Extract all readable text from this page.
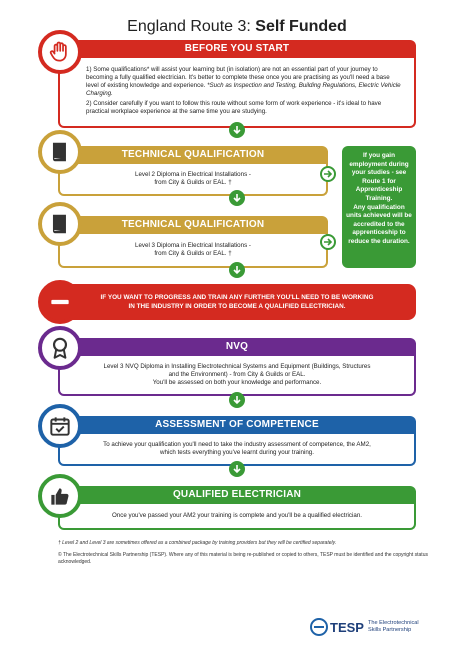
England Route 3: Self Funded
BEFORE YOU START
1) Some qualifications* will assist your learning but (in isolation) are not an essential part of your journey to becoming a fully qualified electrician. It's better to complete these once you are practising as you'll need a base level of existing knowledge and experience. *Such as Inspection and Testing, Building Regulations, Electric Vehicle Charging.
2) Consider carefully if you want to follow this route without some form of work experience - it's ideal to have practical workplace experience at the same time you are studying.
TECHNICAL QUALIFICATION
Level 2 Diploma in Electrical Installations -
from City & Guilds or EAL. †
TECHNICAL QUALIFICATION
Level 3 Diploma in Electrical Installations -
from City & Guilds or EAL. †
If you gain employment during your studies - see Route 1 for Apprenticeship Training.
Any qualification units achieved will be accredited to the apprenticeship to reduce the duration.
IF YOU WANT TO PROGRESS AND TRAIN ANY FURTHER YOU'LL NEED TO BE WORKING
IN THE INDUSTRY IN ORDER TO BECOME A QUALIFIED ELECTRICIAN.
NVQ
Level 3 NVQ Diploma in Installing Electrotechnical Systems and Equipment (Buildings, Structures
and the Environment) - from City & Guilds or EAL.
You'll be assessed on both your knowledge and performance.
ASSESSMENT OF COMPETENCE
To achieve your qualification you'll need to take the industry assessment of competence, the AM2,
which tests everything you've learnt during your training.
QUALIFIED ELECTRICIAN
Once you've passed your AM2 your training is complete and you'll be a qualified electrician.
† Level 2 and Level 3 are sometimes offered as a combined package by training providers but they will be certified separately.
© The Electrotechnical Skills Partnership (TESP). Where any of this material is being re-published or copied to others, TESP must be identified and the copyright status acknowledged.
TESP The Electrotechnical
Skills Partnership
